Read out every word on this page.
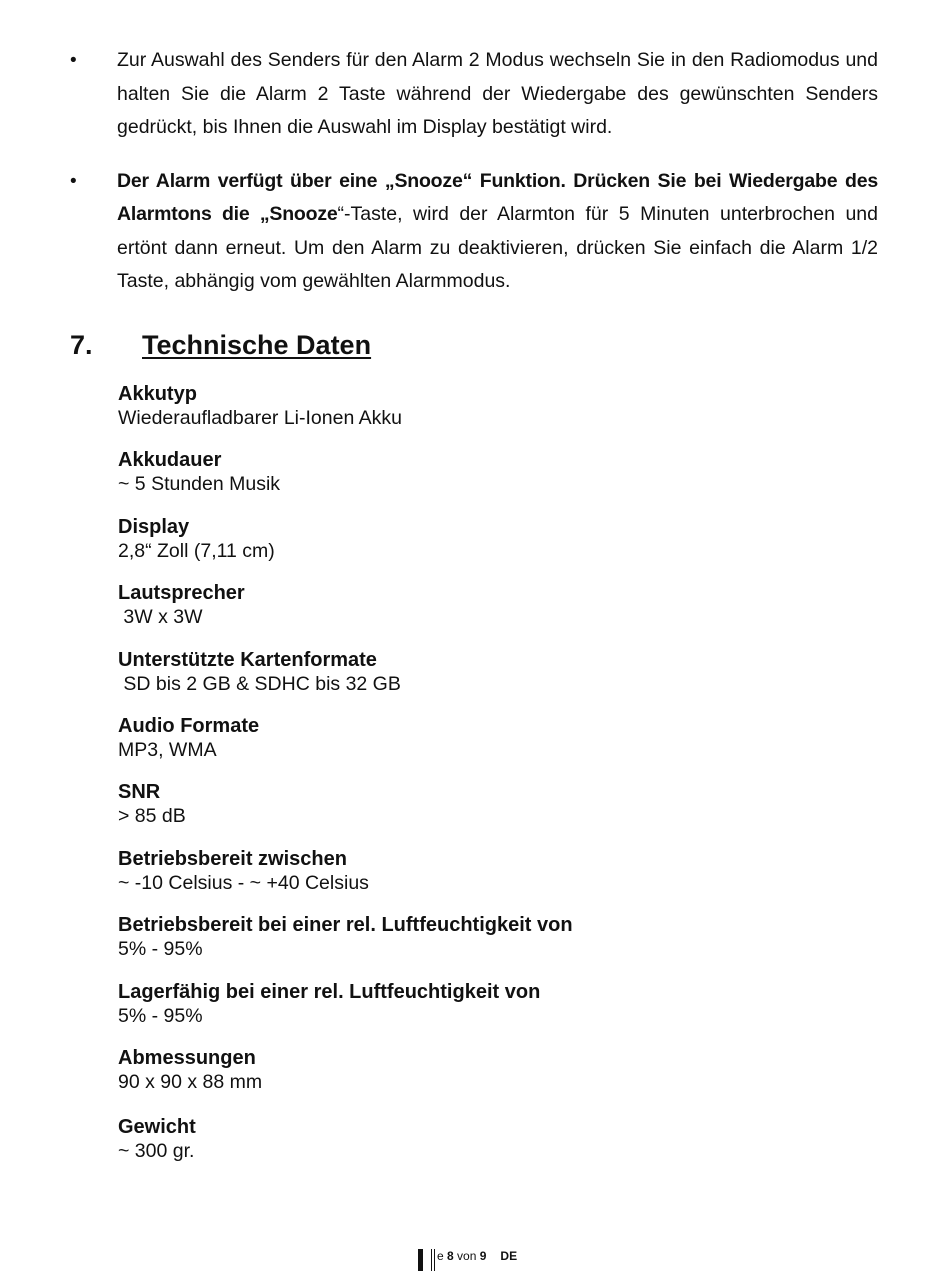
• Zur Auswahl des Senders für den Alarm 2 Modus wechseln Sie in den Radiomodus und halten Sie die Alarm 2 Taste während der Wiedergabe des gewünschten Senders gedrückt, bis Ihnen die Auswahl im Display bestätigt wird.
• Der Alarm verfügt über eine „Snooze“ Funktion. Drücken Sie bei Wiedergabe des Alarmtons die „Snooze“-Taste, wird der Alarmton für 5 Minuten unterbrochen und ertönt dann erneut. Um den Alarm zu deaktivieren, drücken Sie einfach die Alarm 1/2 Taste, abhängig vom gewählten Alarmmodus.
7.	Technische Daten
Akkutyp
Wiederaufladbarer Li-Ionen Akku
Akkudauer
~ 5 Stunden Musik
Display
2,8“ Zoll (7,11 cm)
Lautsprecher
3W x 3W
Unterstützte Kartenformate
SD bis 2 GB & SDHC bis 32 GB
Audio Formate
MP3, WMA
SNR
> 85 dB
Betriebsbereit zwischen
~ -10 Celsius - ~ +40 Celsius
Betriebsbereit bei einer rel. Luftfeuchtigkeit von
5% - 95%
Lagerfähig bei einer rel. Luftfeuchtigkeit von
5% - 95%
Abmessungen
90 x 90 x 88 mm
Gewicht
~ 300 gr.
e 8 von 9 DE
